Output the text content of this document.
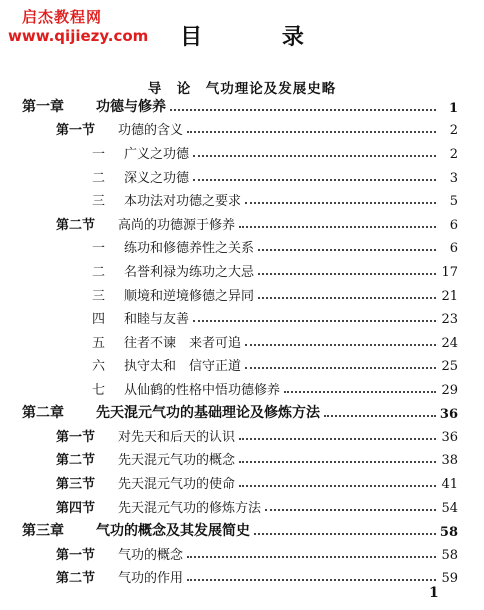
启杰教程网
www.qijiezy.com	目 录
导　论　气功理论及发展史略
第一章	功德与修养	1
第一节	功德的含义	2
一	广义之功德	2
二	深义之功德	3
三	本功法对功德之要求	5
第二节	高尚的功德源于修养	6
一	练功和修德养性之关系	6
二	名誉利禄为练功之大忌	17
三	顺境和逆境修德之异同	21
四	和睦与友善	23
五	往者不谏　来者可追	24
六	执守太和　信守正道	25
七	从仙鹤的性格中悟功德修养	29
第二章	先天混元气功的基础理论及修炼方法	36
第一节	对先天和后天的认识	36
第二节	先天混元气功的概念	38
第三节	先天混元气功的使命	41
第四节	先天混元气功的修炼方法	54
第三章	气功的概念及其发展简史	58
第一节	气功的概念	58
第二节	气功的作用	59
1
